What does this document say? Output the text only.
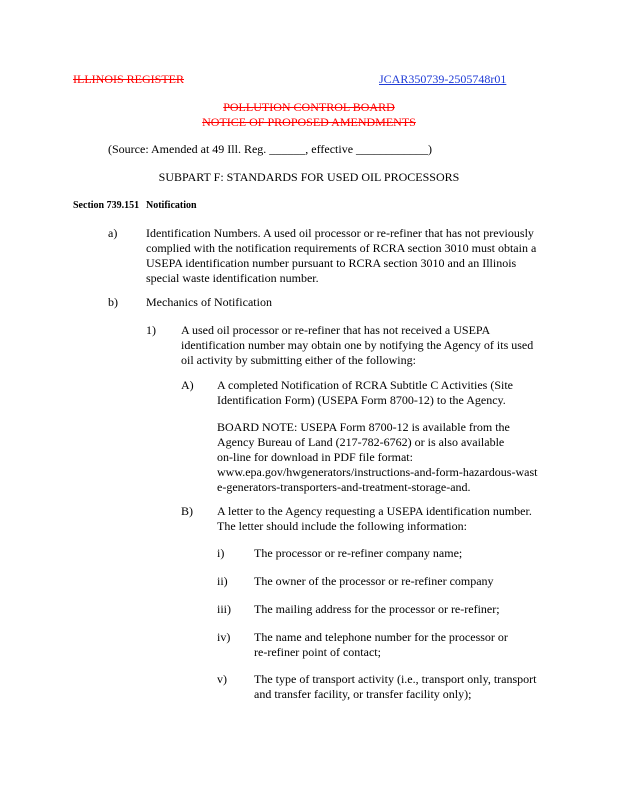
ILLINOIS REGISTER	JCAR350739-2505748r01
POLLUTION CONTROL BOARD
NOTICE OF PROPOSED AMENDMENTS
(Source: Amended at 49 Ill. Reg. ______, effective ____________)
SUBPART F: STANDARDS FOR USED OIL PROCESSORS
Section 739.151 Notification
a) Identification Numbers. A used oil processor or re-refiner that has not previously
complied with the notification requirements of RCRA section 3010 must obtain a
USEPA identification number pursuant to RCRA section 3010 and an Illinois
special waste identification number.
b) Mechanics of Notification
1) A used oil processor or re-refiner that has not received a USEPA
identification number may obtain one by notifying the Agency of its used
oil activity by submitting either of the following:
A) A completed Notification of RCRA Subtitle C Activities (Site
Identification Form) (USEPA Form 8700-12) to the Agency.
BOARD NOTE: USEPA Form 8700-12 is available from the
Agency Bureau of Land (217-782-6762) or is also available
on-line for download in PDF file format:
www.epa.gov/hwgenerators/instructions-and-form-hazardous-wast
e-generators-transporters-and-treatment-storage-and.
B) A letter to the Agency requesting a USEPA identification number.
The letter should include the following information:
i) The processor or re-refiner company name;
ii) The owner of the processor or re-refiner company
iii) The mailing address for the processor or re-refiner;
iv) The name and telephone number for the processor or
re-refiner point of contact;
v) The type of transport activity (i.e., transport only, transport
and transfer facility, or transfer facility only);
